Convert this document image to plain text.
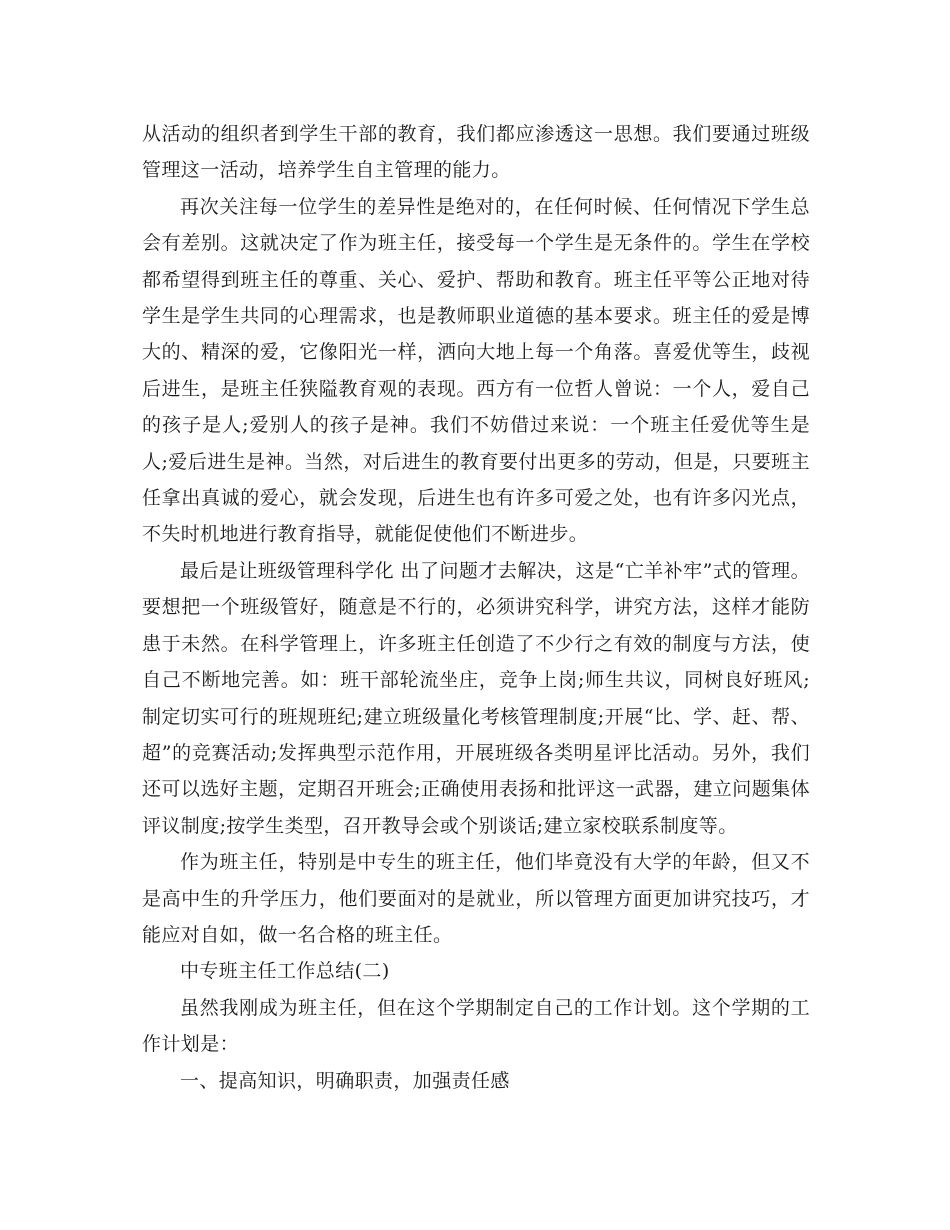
从活动的组织者到学生干部的教育，我们都应渗透这一思想。我们要通过班级管理这一活动，培养学生自主管理的能力。

再次关注每一位学生的差异性是绝对的，在任何时候、任何情况下学生总会有差别。这就决定了作为班主任，接受每一个学生是无条件的。学生在学校都希望得到班主任的尊重、关心、爱护、帮助和教育。班主任平等公正地对待学生是学生共同的心理需求，也是教师职业道德的基本要求。班主任的爱是博大的、精深的爱，它像阳光一样，洒向大地上每一个角落。喜爱优等生，歧视后进生，是班主任狭隘教育观的表现。西方有一位哲人曾说：一个人，爱自己的孩子是人;爱别人的孩子是神。我们不妨借过来说：一个班主任爱优等生是人;爱后进生是神。当然，对后进生的教育要付出更多的劳动，但是，只要班主任拿出真诚的爱心，就会发现，后进生也有许多可爱之处，也有许多闪光点，不失时机地进行教育指导，就能促使他们不断进步。

最后是让班级管理科学化 出了问题才去解决，这是“亡羊补牢”式的管理。要想把一个班级管好，随意是不行的，必须讲究科学，讲究方法，这样才能防患于未然。在科学管理上，许多班主任创造了不少行之有效的制度与方法，使自己不断地完善。如：班干部轮流坐庄，竞争上岗;师生共议，同树良好班风;制定切实可行的班规班纪;建立班级量化考核管理制度;开展“比、学、赶、帮、超”的竞赛活动;发挥典型示范作用，开展班级各类明星评比活动。另外，我们还可以选好主题，定期召开班会;正确使用表扬和批评这一武器，建立问题集体评议制度;按学生类型，召开教导会或个别谈话;建立家校联系制度等。

作为班主任，特别是中专生的班主任，他们毕竟没有大学的年龄，但又不是高中生的升学压力，他们要面对的是就业，所以管理方面更加讲究技巧，才能应对自如，做一名合格的班主任。

中专班主任工作总结(二)

虽然我刚成为班主任，但在这个学期制定自己的工作计划。这个学期的工作计划是：

一、提高知识，明确职责，加强责任感
